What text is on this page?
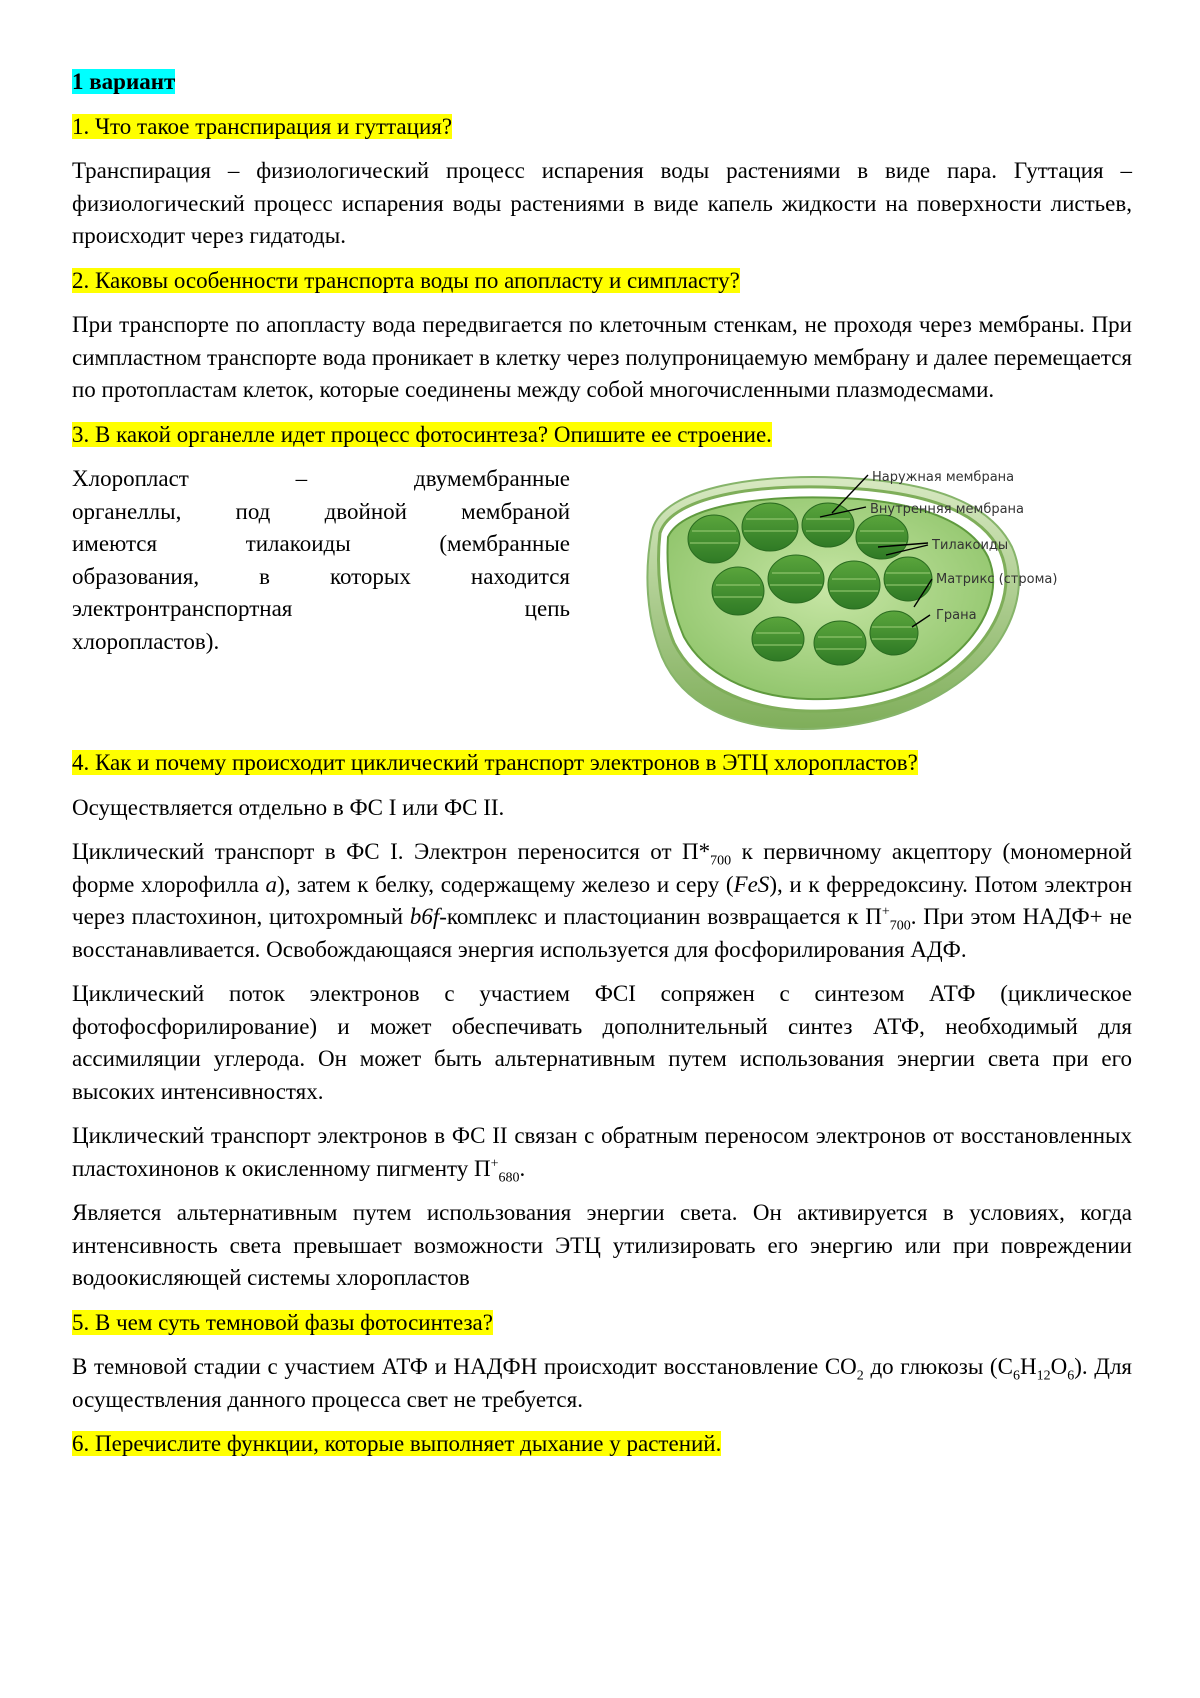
1 вариант

1. Что такое транспирация и гуттация?

Транспирация – физиологический процесс испарения воды растениями в виде пара. Гуттация – физиологический процесс испарения воды растениями в виде капель жидкости на поверхности листьев, происходит через гидатоды.

2. Каковы особенности транспорта воды по апопласту и симпласту?

При транспорте по апопласту вода передвигается по клеточным стенкам, не проходя через мембраны. При симпластном транспорте вода проникает в клетку через полупроницаемую мембрану и далее перемещается по протопластам клеток, которые соединены между собой многочисленными плазмодесмами.

3. В какой органелле идет процесс фотосинтеза? Опишите ее строение.

Хлоропласт – двумембранные

органеллы, под двойной мембраной

имеются тилакоиды (мембранные

образования, в которых находится

электронтранспортная цепь

хлоропластов).

Наружная мембрана
Внутренняя мембрана
Тилакоиды
Матрикс (строма)
Грана

4. Как и почему происходит циклический транспорт электронов в ЭТЦ хлоропластов?

Осуществляется отдельно в ФС I или ФС II.

Циклический транспорт в ФС I. Электрон переносится от $П*_{700}$ к первичному акцептору (мономерной форме хлорофилла a), затем к белку, содержащему железо и серу (FeS), и к ферредоксину. Потом электрон через пластохинон, цитохромный b6f-комплекс и пластоцианин возвращается к $П^+_{700}$. При этом НАДФ+ не восстанавливается. Освобождающаяся энергия используется для фосфорилирования АДФ.

Циклический поток электронов с участием ФСI сопряжен с синтезом АТФ (циклическое фотофосфорилирование) и может обеспечивать дополнительный синтез АТФ, необходимый для ассимиляции углерода. Он может быть альтернативным путем использования энергии света при его высоких интенсивностях.

Циклический транспорт электронов в ФС II связан с обратным переносом электронов от восстановленных пластохинонов к окисленному пигменту $П^+_{680}$.

Является альтернативным путем использования энергии света. Он активируется в условиях, когда интенсивность света превышает возможности ЭТЦ утилизировать его энергию или при повреждении водоокисляющей системы хлоропластов

5. В чем суть темновой фазы фотосинтеза?

В темновой стадии с участием АТФ и НАДФН происходит восстановление $СО_2$ до глюкозы $(С_6Н_{12}О_6)$. Для осуществления данного процесса свет не требуется.

6. Перечислите функции, которые выполняет дыхание у растений.
